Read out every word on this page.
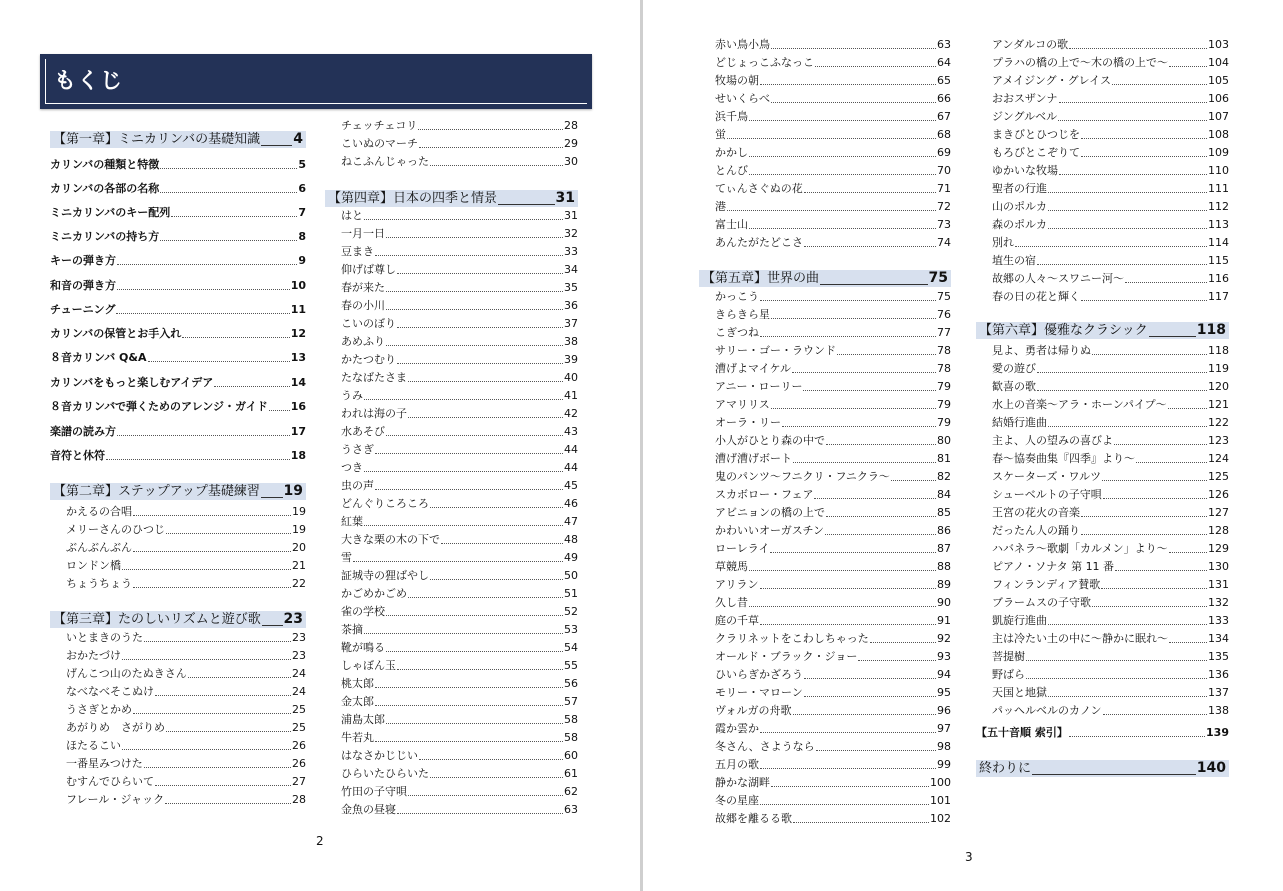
もくじ
【第一章】ミニカリンバの基礎知識 4
カリンバの種類と特徴	5
カリンバの各部の名称	6
ミニカリンバのキー配列	7
ミニカリンバの持ち方	8
キーの弾き方	9
和音の弾き方	10
チューニング	11
カリンバの保管とお手入れ	12
８音カリンバ Q&A	13
カリンバをもっと楽しむアイデア	14
８音カリンバで弾くためのアレンジ・ガイド 16
楽譜の読み方	17
音符と休符	18
【第二章】ステップアップ基礎練習 19
かえるの合唱	19
メリーさんのひつじ	19
ぶんぶんぶん	20
ロンドン橋	21
ちょうちょう	22
【第三章】たのしいリズムと遊び歌 23
いとまきのうた	23
おかたづけ	23
げんこつ山のたぬきさん	24
なべなべそこぬけ	24
うさぎとかめ	25
あがりめ　さがりめ	25
ほたるこい	26
一番星みつけた	26
むすんでひらいて	27
フレール・ジャック	28
チェッチェコリ	28
こいぬのマーチ	29
ねこふんじゃった	30
【第四章】日本の四季と情景	31
はと	31
一月一日	32
豆まき	33
仰げば尊し	34
春が来た	35
春の小川	36
こいのぼり	37
あめふり	38
かたつむり	39
たなばたさま	40
うみ	41
われは海の子	42
水あそび	43
うさぎ	44
つき	44
虫の声	45
どんぐりころころ	46
紅葉	47
大きな栗の木の下で	48
雪	49
証城寺の狸ばやし	50
かごめかごめ	51
雀の学校	52
茶摘	53
靴が鳴る	54
しゃぼん玉	55
桃太郎	56
金太郎	57
浦島太郎	58
牛若丸	58
はなさかじじい	60
ひらいたひらいた	61
竹田の子守唄	62
金魚の昼寝	63
2
赤い鳥小鳥	63
どじょっこふなっこ	64
牧場の朝	65
せいくらべ	66
浜千鳥	67
蛍	68
かかし	69
とんび	70
てぃんさぐぬの花	71
港	72
富士山	73
あんたがたどこさ	74
【第五章】世界の曲	75
かっこう	75
きらきら星	76
こぎつね	77
サリー・ゴー・ラウンド	78
漕げよマイケル	78
アニー・ローリー	79
アマリリス	79
オーラ・リー	79
小人がひとり森の中で	80
漕げ漕げボート	81
鬼のパンツ～フニクリ・フニクラ～	82
スカボロー・フェア	84
アビニョンの橋の上で	85
かわいいオーガスチン	86
ローレライ	87
草競馬	88
アリラン	89
久し昔	90
庭の千草	91
クラリネットをこわしちゃった	92
オールド・ブラック・ジョー	93
ひいらぎかざろう	94
モリー・マローン	95
ヴォルガの舟歌	96
霞か雲か	97
冬さん、さようなら	98
五月の歌	99
静かな湖畔	100
冬の星座	101
故郷を離るる歌	102
アンダルコの歌	103
プラハの橋の上で～木の橋の上で～	104
アメイジング・グレイス	105
おおスザンナ	106
ジングルベル	107
まきびとひつじを	108
もろびとこぞりて	109
ゆかいな牧場	110
聖者の行進	111
山のポルカ	112
森のポルカ	113
別れ	114
埴生の宿	115
故郷の人々～スワニー河～	116
春の日の花と輝く	117
【第六章】優雅なクラシック	118
見よ、勇者は帰りぬ	118
愛の遊び	119
歓喜の歌	120
水上の音楽～アラ・ホーンパイプ～	121
結婚行進曲	122
主よ、人の望みの喜びよ	123
春～協奏曲集『四季』より～	124
スケーターズ・ワルツ	125
シューベルトの子守唄	126
王宮の花火の音楽	127
だったん人の踊り	128
ハバネラ～歌劇「カルメン」より～	129
ピアノ・ソナタ 第 11 番	130
フィンランディア賛歌	131
ブラームスの子守歌	132
凱旋行進曲	133
主は冷たい土の中に～静かに眠れ～	134
菩提樹	135
野ばら	136
天国と地獄	137
パッヘルベルのカノン	138
【五十音順 索引】	139
終わりに	140
3
